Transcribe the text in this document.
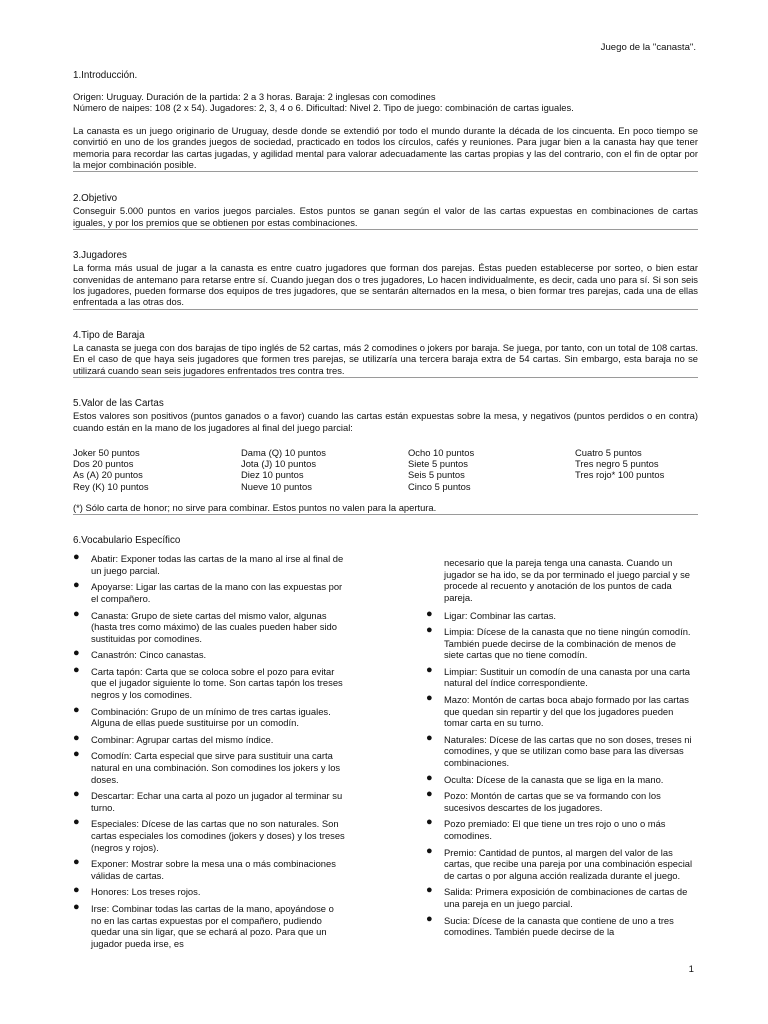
Juego de la "canasta".
1.Introducción.

Origen: Uruguay. Duración de la partida: 2 a 3 horas. Baraja: 2 inglesas con comodines

Número de naipes: 108 (2 x 54). Jugadores: 2, 3, 4 o 6. Dificultad: Nivel 2. Tipo de juego: combinación de cartas iguales.

La canasta es un juego originario de Uruguay, desde donde se extendió por todo el mundo durante la década de los cincuenta. En poco tiempo se convirtió en uno de los grandes juegos de sociedad, practicado en todos los círculos, cafés y reuniones. Para jugar bien a la canasta hay que tener memoria para recordar las cartas jugadas, y agilidad mental para valorar adecuadamente las cartas propias y las del contrario, con el fin de optar por la mejor combinación posible.

2.Objetivo

Conseguir 5.000 puntos en varios juegos parciales. Estos puntos se ganan según el valor de las cartas expuestas en combinaciones de cartas iguales, y por los premios que se obtienen por estas combinaciones.

3.Jugadores

La forma más usual de jugar a la canasta es entre cuatro jugadores que forman dos parejas. Éstas pueden establecerse por sorteo, o bien estar convenidas de antemano para retarse entre sí. Cuando juegan dos o tres jugadores, Lo hacen individualmente, es decir, cada uno para sí. Si son seis los jugadores, pueden formarse dos equipos de tres jugadores, que se sentarán alternados en la mesa, o bien formar tres parejas, cada una de ellas enfrentada a las otras dos.

4.Tipo de Baraja

La canasta se juega con dos barajas de tipo inglés de 52 cartas, más 2 comodines o jokers por baraja. Se juega, por tanto, con un total de 108 cartas. En el caso de que haya seis jugadores que formen tres parejas, se utilizaría una tercera baraja extra de 54 cartas. Sin embargo, esta baraja no se utilizará cuando sean seis jugadores enfrentados tres contra tres.

5.Valor de las Cartas

Estos valores son positivos (puntos ganados o a favor) cuando las cartas están expuestas sobre la mesa, y negativos (puntos perdidos o en contra) cuando están en la mano de los jugadores al final del juego parcial:

Joker 50 puntos
Dos 20 puntos
As (A) 20 puntos
Rey (K) 10 puntos
Dama (Q) 10 puntos
Jota (J) 10 puntos
Diez 10 puntos
Nueve 10 puntos
Ocho 10 puntos
Siete 5 puntos
Seis 5 puntos
Cinco 5 puntos
Cuatro 5 puntos
Tres negro 5 puntos
Tres rojo* 100 puntos

(*) Sólo carta de honor; no sirve para combinar. Estos puntos no valen para la apertura.

6.Vocabulario Específico
● Abatir: Exponer todas las cartas de la mano al irse al final de un juego parcial.
● Apoyarse: Ligar las cartas de la mano con las expuestas por el compañero.
● Canasta: Grupo de siete cartas del mismo valor, algunas (hasta tres como máximo) de las cuales pueden haber sido sustituidas por comodines.
● Canastrón: Cinco canastas.
● Carta tapón: Carta que se coloca sobre el pozo para evitar que el jugador siguiente lo tome. Son cartas tapón los treses negros y los comodines.
● Combinación: Grupo de un mínimo de tres cartas iguales. Alguna de ellas puede sustituirse por un comodín.
● Combinar: Agrupar cartas del mismo índice.
● Comodín: Carta especial que sirve para sustituir una carta natural en una combinación. Son comodines los jokers y los doses.
● Descartar: Echar una carta al pozo un jugador al terminar su turno.
● Especiales: Dícese de las cartas que no son naturales. Son cartas especiales los comodines (jokers y doses) y los treses (negros y rojos).
● Exponer: Mostrar sobre la mesa una o más combinaciones válidas de cartas.
● Honores: Los treses rojos.
● Irse: Combinar todas las cartas de la mano, apoyándose o no en las cartas expuestas por el compañero, pudiendo quedar una sin ligar, que se echará al pozo. Para que un jugador pueda irse, es
necesario que la pareja tenga una canasta. Cuando un jugador se ha ido, se da por terminado el juego parcial y se procede al recuento y anotación de los puntos de cada pareja.
● Ligar: Combinar las cartas.
● Limpia: Dícese de la canasta que no tiene ningún comodín. También puede decirse de la combinación de menos de siete cartas que no tiene comodín.
● Limpiar: Sustituir un comodín de una canasta por una carta natural del índice correspondiente.
● Mazo: Montón de cartas boca abajo formado por las cartas que quedan sin repartir y del que los jugadores pueden tomar carta en su turno.
● Naturales: Dícese de las cartas que no son doses, treses ni comodines, y que se utilizan como base para las diversas combinaciones.
● Oculta: Dícese de la canasta que se liga en la mano.
● Pozo: Montón de cartas que se va formando con los sucesivos descartes de los jugadores.
● Pozo premiado: El que tiene un tres rojo o uno o más comodines.
● Premio: Cantidad de puntos, al margen del valor de las cartas, que recibe una pareja por una combinación especial de cartas o por alguna acción realizada durante el juego.
● Salida: Primera exposición de combinaciones de cartas de una pareja en un juego parcial.
● Sucia: Dícese de la canasta que contiene de uno a tres comodines. También puede decirse de la
1
